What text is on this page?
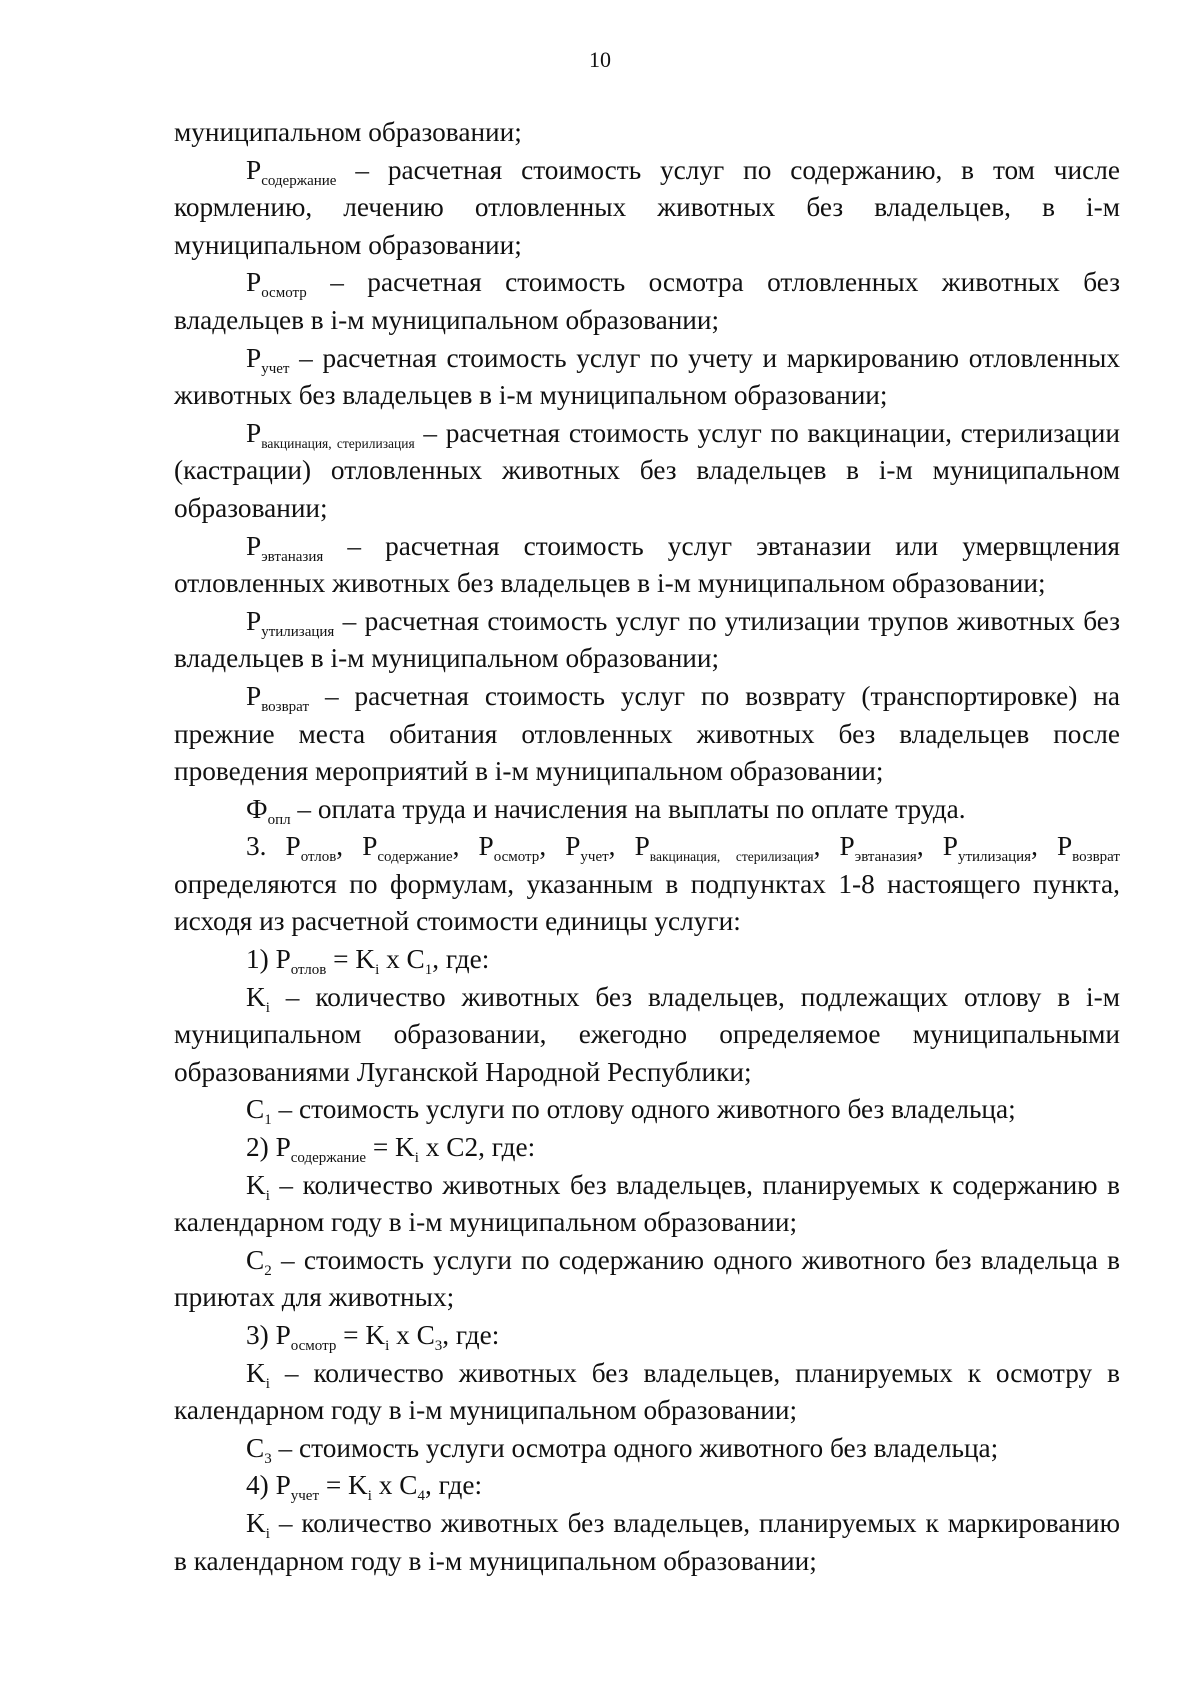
10

муниципальном образовании;

$Р_{содержание}$ – расчетная стоимость услуг по содержанию, в том числе кормлению, лечению отловленных животных без владельцев, в i-м муниципальном образовании;

$Р_{осмотр}$ – расчетная стоимость осмотра отловленных животных без владельцев в i-м муниципальном образовании;

$Р_{учет}$ – расчетная стоимость услуг по учету и маркированию отловленных животных без владельцев в i-м муниципальном образовании;

$Р_{вакцинация, стерилизация}$ – расчетная стоимость услуг по вакцинации, стерилизации (кастрации) отловленных животных без владельцев в i-м муниципальном образовании;

$Р_{эвтаназия}$ – расчетная стоимость услуг эвтаназии или умервщления отловленных животных без владельцев в i-м муниципальном образовании;

$Р_{утилизация}$ – расчетная стоимость услуг по утилизации трупов животных без владельцев в i-м муниципальном образовании;

$Р_{возврат}$ – расчетная стоимость услуг по возврату (транспортировке) на прежние места обитания отловленных животных без владельцев после проведения мероприятий в i-м муниципальном образовании;

$Ф_{опл}$ – оплата труда и начисления на выплаты по оплате труда.

3. $Р_{отлов}$, $Р_{содержание}$, $Р_{осмотр}$, $Р_{учет}$, $Р_{вакцинация, стерилизация}$, $Р_{эвтаназия}$, $Р_{утилизация}$, $Р_{возврат}$ определяются по формулам, указанным в подпунктах 1-8 настоящего пункта, исходя из расчетной стоимости единицы услуги:

1) $Р_{отлов} = K_i$ х $C_1$, где:

$K_i$ – количество животных без владельцев, подлежащих отлову в i-м муниципальном образовании, ежегодно определяемое муниципальными образованиями Луганской Народной Республики;

$C_1$ – стоимость услуги по отлову одного животного без владельца;

2) $Р_{содержание} = K_i$ х C2, где:

$K_i$ – количество животных без владельцев, планируемых к содержанию в календарном году в i-м муниципальном образовании;

$C_2$ – стоимость услуги по содержанию одного животного без владельца в приютах для животных;

3) $Р_{осмотр} = K_i$ х $C_3$, где:

$K_i$ – количество животных без владельцев, планируемых к осмотру в календарном году в i-м муниципальном образовании;

$C_3$ – стоимость услуги осмотра одного животного без владельца;

4) $Р_{учет} = K_i$ х $C_4$, где:

$K_i$ – количество животных без владельцев, планируемых к маркированию в календарном году в i-м муниципальном образовании;
